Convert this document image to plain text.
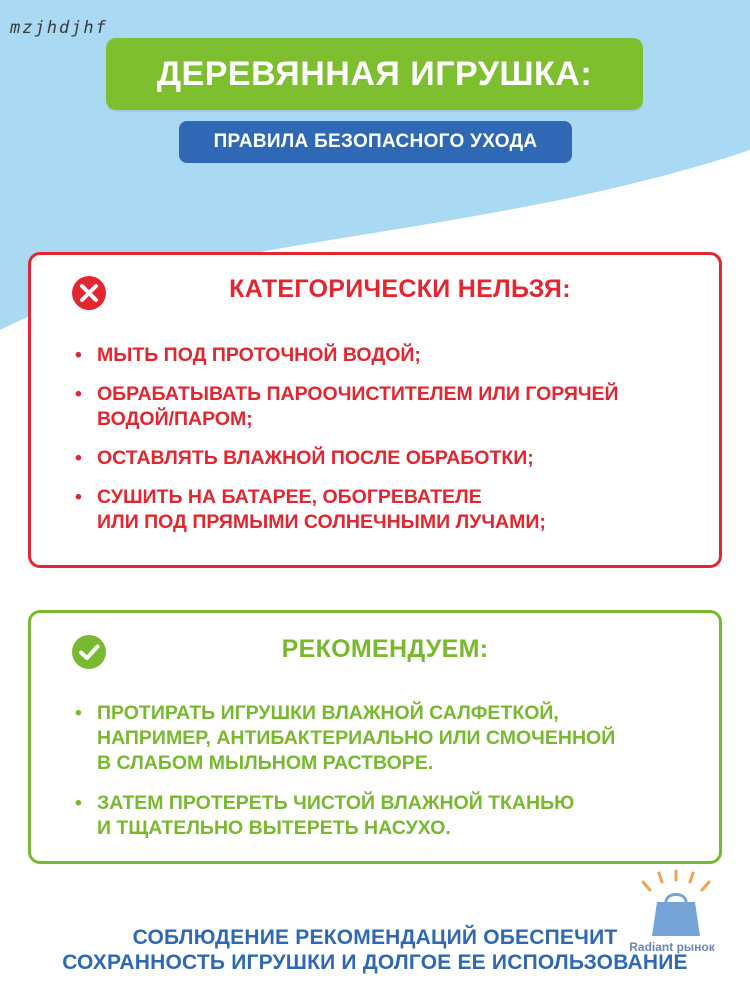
mzjhdjhf
ДЕРЕВЯННАЯ ИГРУШКА:
ПРАВИЛА БЕЗОПАСНОГО УХОДА
КАТЕГОРИЧЕСКИ НЕЛЬЗЯ:
• МЫТЬ ПОД ПРОТОЧНОЙ ВОДОЙ;
• ОБРАБАТЫВАТЬ ПАРООЧИСТИТЕЛЕМ ИЛИ ГОРЯЧЕЙ
ВОДОЙ/ПАРОМ;
• ОСТАВЛЯТЬ ВЛАЖНОЙ ПОСЛЕ ОБРАБОТКИ;
• СУШИТЬ НА БАТАРЕЕ, ОБОГРЕВАТЕЛЕ
ИЛИ ПОД ПРЯМЫМИ СОЛНЕЧНЫМИ ЛУЧАМИ;
РЕКОМЕНДУЕМ:
• ПРОТИРАТЬ ИГРУШКИ ВЛАЖНОЙ САЛФЕТКОЙ,
НАПРИМЕР, АНТИБАКТЕРИАЛЬНО ИЛИ СМОЧЕННОЙ
В СЛАБОМ МЫЛЬНОМ РАСТВОРЕ.
• ЗАТЕМ ПРОТЕРЕТЬ ЧИСТОЙ ВЛАЖНОЙ ТКАНЬЮ
И ТЩАТЕЛЬНО ВЫТЕРЕТЬ НАСУХО.
СОБЛЮДЕНИЕ РЕКОМЕНДАЦИЙ ОБЕСПЕЧИТ
СОХРАННОСТЬ ИГРУШКИ И ДОЛГОЕ ЕЕ ИСПОЛЬЗОВАНИЕ
Radiant рынок
